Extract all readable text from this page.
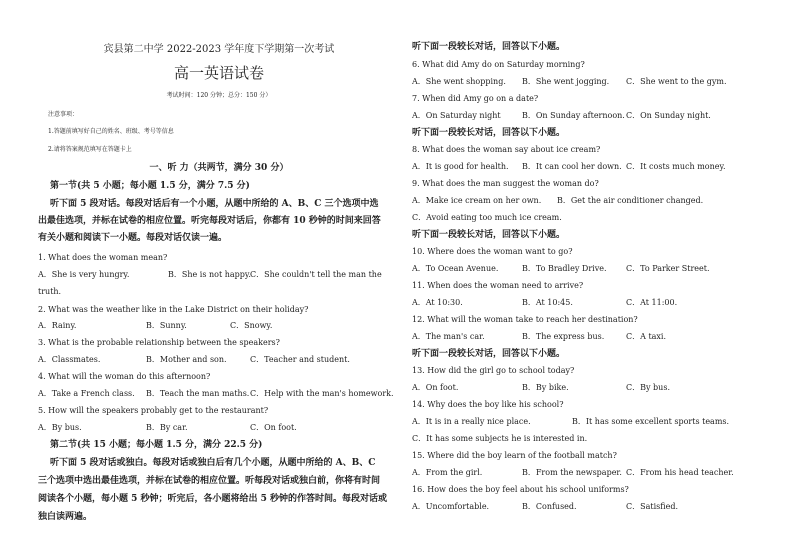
宾县第二中学 2022-2023 学年度下学期第一次考试
高一英语试卷
考试时间：120 分钟；总分：150 分）
注意事项：
1.答题前填写好自己的姓名、班级、考号等信息
2.请将答案规范填写在答题卡上
一、听 力（共两节，满分 30 分）
第一节(共 5 小题；每小题 1.5 分，满分 7.5 分)
听下面 5 段对话。每段对话后有一个小题，从题中所给的 A、B、C 三个选项中选
出最佳选项，并标在试卷的相应位置。听完每段对话后，你都有 10 秒钟的时间来回答
有关小题和阅读下一小题。每段对话仅读一遍。
1. What does the woman mean?
A．She is very hungry.	B．She is not happy. C．She couldn't tell the man the
truth.
2. What was the weather like in the Lake District on their holiday?
A．Rainy.	B．Sunny.	C．Snowy.
3. What is the probable relationship between the speakers?
A．Classmates.	B．Mother and son.	C．Teacher and student.
4. What will the woman do this afternoon?
A．Take a French class. B．Teach the man maths. C．Help with the man's homework.
5. How will the speakers probably get to the restaurant?
A．By bus.	B．By car.	C．On foot.
第二节(共 15 小题；每小题 1.5 分，满分 22.5 分)
听下面 5 段对话或独白。每段对话或独白后有几个小题，从题中所给的 A、B、C
三个选项中选出最佳选项，并标在试卷的相应位置。听每段对话或独白前，你将有时间
阅读各个小题，每小题 5 秒钟；听完后，各小题将给出 5 秒钟的作答时间。每段对话或
独白读两遍。
听下面一段较长对话，回答以下小题。
6. What did Amy do on Saturday morning?
A．She went shopping. B．She went jogging. C．She went to the gym.
7. When did Amy go on a date?
A．On Saturday night	B．On Sunday afternoon. C．On Sunday night.
听下面一段较长对话，回答以下小题。
8. What does the woman say about ice cream?
A．It is good for health. B．It can cool her down. C．It costs much money.
9. What does the man suggest the woman do?
A．Make ice cream on her own. B．Get the air conditioner changed.
C．Avoid eating too much ice cream.
听下面一段较长对话，回答以下小题。
10. Where does the woman want to go?
A．To Ocean Avenue.	B．To Bradley Drive. C．To Parker Street.
11. When does the woman need to arrive?
A．At 10:30.	B．At 10:45.	C．At 11:00.
12. What will the woman take to reach her destination?
A．The man's car.	B．The express bus.	C．A taxi.
听下面一段较长对话，回答以下小题。
13. How did the girl go to school today?
A．On foot.	B．By bike.	C．By bus.
14. Why does the boy like his school?
A．It is in a really nice place.	B．It has some excellent sports teams.
C．It has some subjects he is interested in.
15. Where did the boy learn of the football match?
A．From the girl.	B．From the newspaper. C．From his head teacher.
16. How does the boy feel about his school uniforms?
A．Uncomfortable.	B．Confused.	C．Satisfied.
